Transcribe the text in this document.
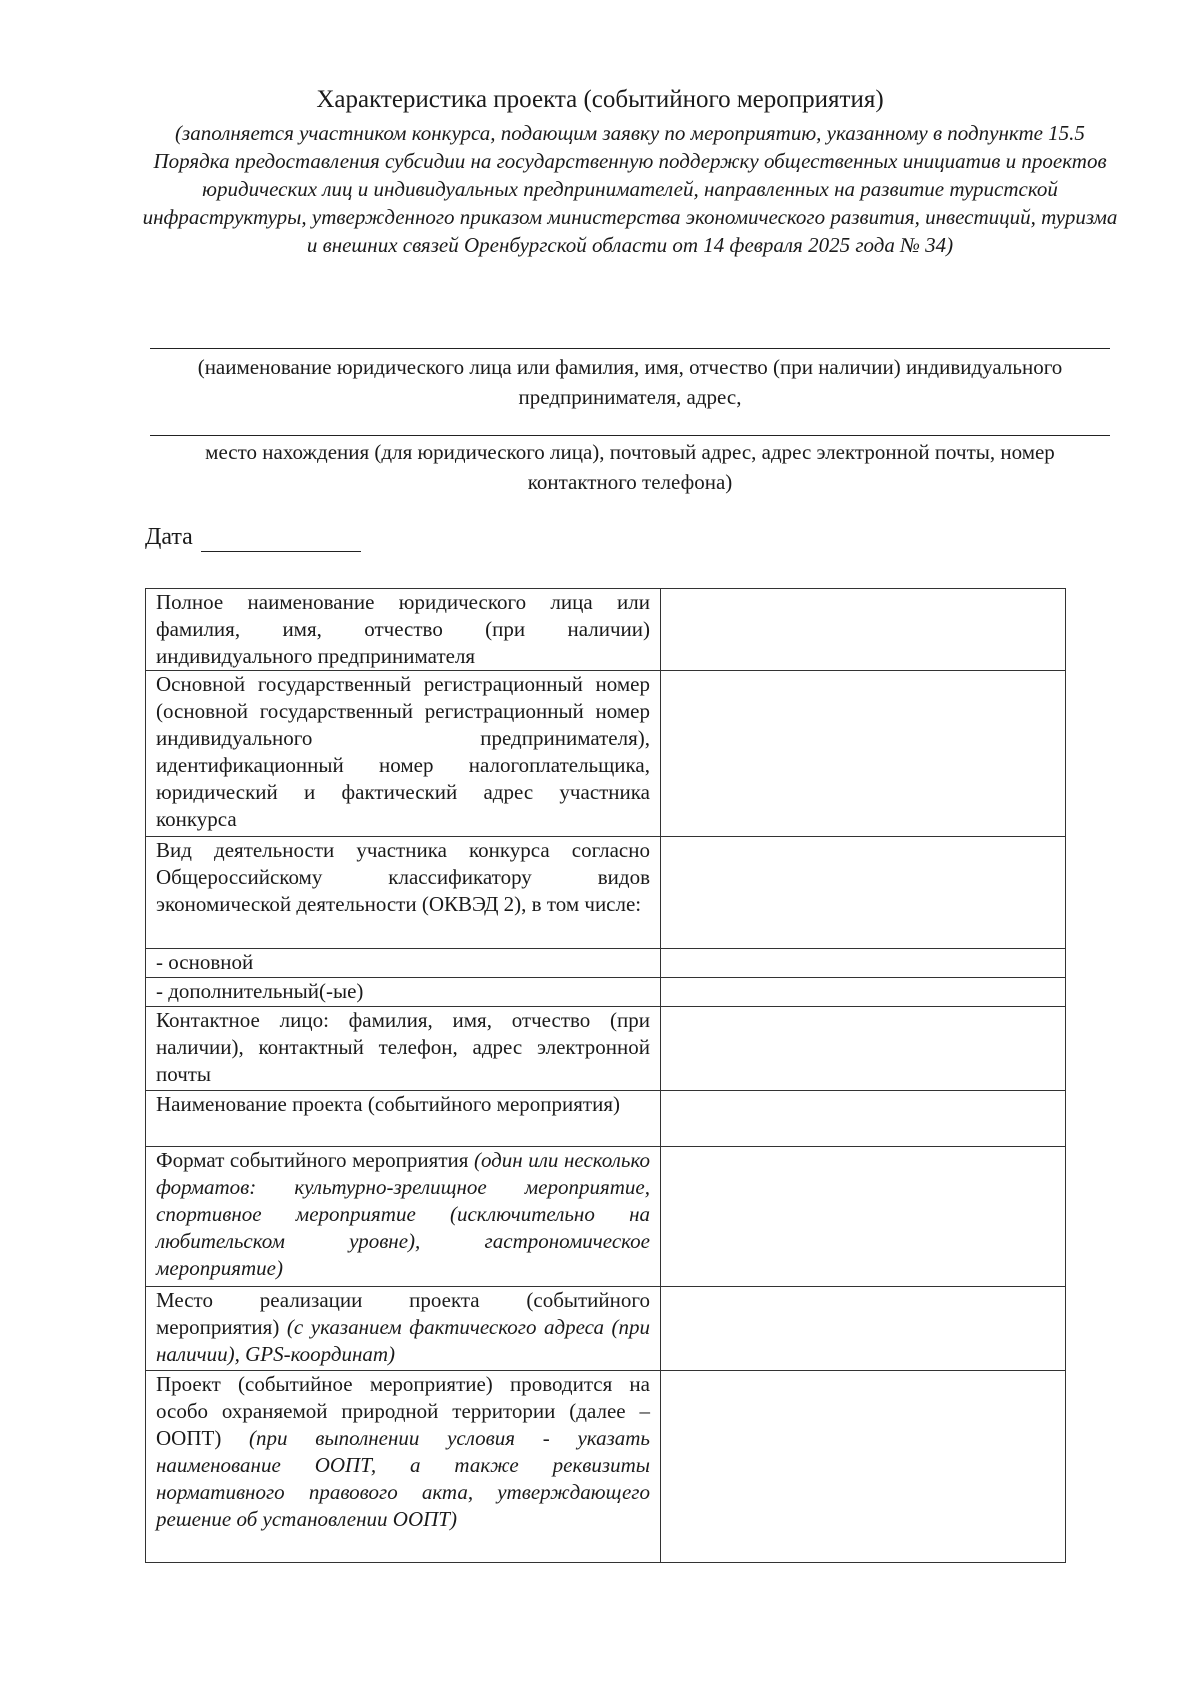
Характеристика проекта (событийного мероприятия)
(заполняется участником конкурса, подающим заявку по мероприятию, указанному в подпункте 15.5 Порядка предоставления субсидии на государственную поддержку общественных инициатив и проектов юридических лиц и индивидуальных предпринимателей, направленных на развитие туристской инфраструктуры, утвержденного приказом министерства экономического развития, инвестиций, туризма и внешних связей Оренбургской области от 14 февраля 2025 года № 34)
(наименование юридического лица или фамилия, имя, отчество (при наличии) индивидуального предпринимателя, адрес,
место нахождения (для юридического лица), почтовый адрес, адрес электронной почты, номер контактного телефона)
Дата
Полное наименование юридического лица или фамилия, имя, отчество (при наличии) индивидуального предпринимателя	
Основной государственный регистрационный номер (основной государственный регистрационный номер индивидуального предпринимателя), идентификационный номер налогоплательщика, юридический и фактический адрес участника конкурса	
Вид деятельности участника конкурса согласно Общероссийскому классификатору видов экономической деятельности (ОКВЭД 2), в том числе:	
- основной	
- дополнительный(-ые)	
Контактное лицо: фамилия, имя, отчество (при наличии), контактный телефон, адрес электронной почты	
Наименование проекта (событийного мероприятия)	
Формат событийного мероприятия (один или несколько форматов: культурно-зрелищное мероприятие, спортивное мероприятие (исключительно на любительском уровне), гастрономическое мероприятие)	
Место реализации проекта (событийного мероприятия) (с указанием фактического адреса (при наличии), GPS-координат)	
Проект (событийное мероприятие) проводится на особо охраняемой природной территории (далее – ООПТ) (при выполнении условия - указать наименование ООПТ, а также реквизиты нормативного правового акта, утверждающего решение об установлении ООПТ)	
